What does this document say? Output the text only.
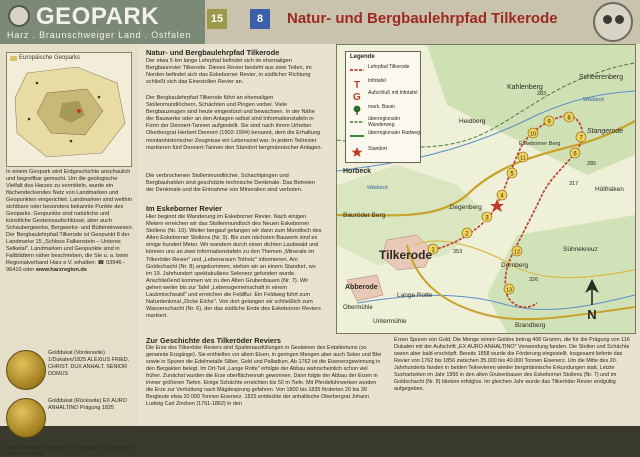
GEOPARK
Harz . Braunschweiger Land . Ostfalen
15	8	Natur- und Bergbaulehrpfad Tilkerode
Europäische Geoparks
In einem Geopark wird Erdgeschichte anschaulich und begreifbar gemacht. Um die geologische Vielfalt des Harzes zu vermitteln, wurde ein flächendeckendes Netz von Landmarken und Geopunkten eingerichtet. Landmarken sind weithin sichtbare oder besonders bekannte Punkte des Geoparks. Geopunkte sind natürliche und künstliche Gesteinsaufschlüsse, aber auch Schaubergwerke, Bergwerks- und Bütteneinwesen. Der Bergbaulehrpfad Tilkerode ist Geopunkt 8 der Landmarke 15 „Schloss Falkenstein – Unteres Selketal". Landmarken und Geopunkte sind in Faltblättern näher beschrieben, die Sie u. a. beim Regionalverband Harz e.V. erhalten: ☎ 03946 - 96410 oder www.harzregion.de
Golddukat (Vorderseite) 1/Dukaten/1825 ALEXIUS FRIED. CHRIST. DUX ANHALT. SENIOR DOMUS
Golddukat (Rückseite) EX AURO ANHALTINO Prägung 1825
Foto: Stadtinger /Landesamt für Geologie und Bergwesen Sachsen-Anhalt)
Natur- und Bergbaulehrpfad Tilkerode
Der etwa 5 km lange Lehrpfad befindet sich im ehemaligen Bergbaurevier Tilkerode. Dieses Revier besteht aus zwei Teilen, im Norden befindet sich das Eskeborner Revier, in südlicher Richtung schließt sich das Einestollen Revier an.
Der Bergbaulehrpfad Tilkerode führt an ehemaligen Stollenmundlöchern, Schächten und Pingen vorbei. Viele Bergbauzeugen sind heute eingestürzt und bewachsen. In der Nähe der Bauwerke oder an den Anlagen selbst sind Informationstafeln in Form der Dennert-Tannen aufgestellt. Sie sind nach ihrem Urheber Oberbergrat Herbert Dennert (1902-1994) benannt, dem die Erhaltung montanhistorischer Zeugnisse ein Lebensziel war. In jedem Teilrevier markieren fünf Dennert-Tannen den Standort bergmännischer Anlagen.
Die verbrochenen Stollenmundlöcher, Schachtpingen und Bergbauhalden sind geschützte technische Denkmale. Das Betreten der Denkmale und die Entnahme von Mineralien sind verboten.
Im Eskeborner Revier
Hier beginnt die Wanderung im Eskeborner Revier. Nach einigen Metern erreichen wir das Stollenmundloch des Neuen Eskeborner Stollens (Nr. 10). Weiter bergauf gelangen wir dann zum Mundloch des Alten Eskeborner Stollens (Nr. 9). Bis zum nächsten Bauwerk sind es einige hundert Meter. Wir wandern durch einen dichten Laubwald und können uns an zwei Informationstafeln zu den Themen „Minerale im Tilkeröder Revier" und „Lebensraum Totholz" informieren. Am Goldschacht (Nr. 8) angekommen, stehen wir an einem Standort, wo im 19. Jahrhundert spektakuläres Selenerz gefunden wurde. Anschließend kommen wir zu den Alten Grubenbauen (Nr. 7). Wir gehen weiter bis zur Tafel „Lebensgemeinschaft in einem Laubmischwald" und erreichen die Feldflur. Ein Feldweg führt zum Naturdenkmal „Dicke Eiche". Von dort gelangen wir schließlich zum Wasserschacht (Nr. 6), der das südliche Ende des Eskeborner Reviers markiert.
1
2
3
4
5
6
7
8
9
10
11
12
13
Scheerenberg
Kahlenberg
Wiebeck
Stangerode
Heidberg
Horbeck
Wiebeck	Höllhäken
Ziegenberg
Bauröder Berg
Tilkerode
Abberode
Dornberg
Sühnekreuz
Lange Rotte
Untermühle
Obermühle
Brandberg
Eskeborner Berg
283
285
317
326
353
Legende
Lehrpfad Tilkerode
T Infotafel
G Aufschluß mit Infotafel
mark. Baum
überregionaler Wanderweg
überregionaler Radweg
Standort
N
Zur Geschichte des Tilkeröder Reviers
Die Erze des Tilkeröder Reviers sind Spaltenausfüllungen in Gesteinen des Erdaltertums (so genannte Erzgänge). Sie enthielten vor allem Eisen, in geringen Mengen aber auch Selen und Blei sowie in Spuren die Edelmetalle Silber, Gold und Palladium. Ab 1762 ist die Eisenerzgewinnung in den Bergakten belegt. Im Ort-Teil „Lange Rotte" erfolgte der Abbau wahrscheinlich schon viel früher. Zunächst wurden die Erze oberflächennah gewonnen. Dann folgte der Abbau der Erzen in immer größeren Tiefen. Einige Schächte erreichten bis 50 m Tiefe. Mit Pferdefuhrwerken wurden die Erze zur Verhüttung nach Mägdesprung gefahren. Von 1800 bis 1835 förderten 20 bis 30 Bergleute etwa 20.000 Tonnen Eisenerz. 1825 entdeckte der anhaltische Oberbergrat Johann Ludwig Carl Zincken (1791-1862) in den
Erzen Spuren von Gold. Die Menge reinen Goldes betrug 400 Gramm, die für die Prägung von 116 Dukaten mit der Aufschrift „EX AURO ANHALTINO" Verwendung fanden. Die Stollen und Schächte waren aber bald erschöpft. Bereits 1858 wurde die Förderung eingestellt. Insgesamt lieferte das Revier von 1762 bis 1856 zwischen 35.000 bis 40.000 Tonnen Eisenerz. Um die Mitte des 20. Jahrhunderts fanden in beiden Teilrevieren wieder bergmännische Erkundungen statt. Letzte Sucharbeiten im Jahr 1956 in den alten Grubenbauen des Eskeborner Stollens (Nr. 7) und im Goldschacht (Nr. 8) blieben erfolglos. Im gleichen Jahr wurde das Tilkeröder Revier endgültig aufgegeben.
